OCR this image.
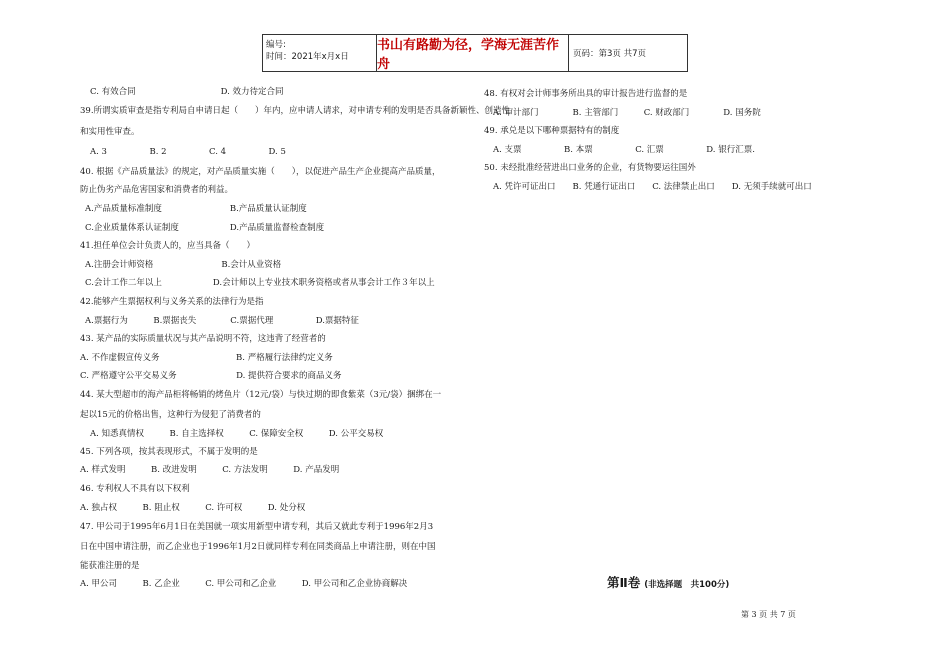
编号:
时间：2021年x月x日
书山有路勤为径，学海无涯苦作舟
页码：第3页 共7页
C. 有效合同　　　　　　　　　　D. 效力待定合同
39.所谓实质审查是指专利局自申请日起（　　）年内，应申请人请求，对申请专利的发明是否具备新颖性、创造性
和实用性审查。
A. 3　　　　　B. 2　　　　　C. 4　　　　　D. 5
40. 根据《产品质量法》的规定，对产品质量实施（　　），以促进产品生产企业提高产品质量，
防止伪劣产品危害国家和消费者的利益。
A.产品质量标准制度　　　　　　　　B.产品质量认证制度
C.企业质量体系认证制度　　　　　　D.产品质量监督检查制度
41.担任单位会计负责人的，应当具备（　　）
A.注册会计师资格　　　　　　　　B.会计从业资格
C.会计工作二年以上　　　　　　D.会计师以上专业技术职务资格或者从事会计工作３年以上
42.能够产生票据权利与义务关系的法律行为是指
A.票据行为　　　B.票据丧失　　　　C.票据代理　　　　　D.票据特征
43. 某产品的实际质量状况与其产品说明不符，这违背了经营者的
A. 不作虚假宣传义务　　　　　　　　　B. 严格履行法律约定义务
C. 严格遵守公平交易义务　　　　　　　D. 提供符合要求的商品义务
44. 某大型超市的海产品柜将畅销的烤鱼片（12元/袋）与快过期的即食紫菜（3元/袋）捆绑在一
起以15元的价格出售，这种行为侵犯了消费者的
A. 知悉真情权　　　B. 自主选择权　　　C. 保障安全权　　　D. 公平交易权
45. 下列各项，按其表现形式，不属于发明的是
A. 样式发明　　　B. 改进发明　　　C. 方法发明　　　D. 产品发明
46. 专利权人不具有以下权利
A. 独占权　　　B. 阻止权　　　C. 许可权　　　D. 处分权
47. 甲公司于1995年6月1日在美国就一项实用新型申请专利，其后又就此专利于1996年2月3
日在中国申请注册，而乙企业也于1996年1月2日就同样专利在同类商品上申请注册，则在中国
能获准注册的是
A. 甲公司　　　B. 乙企业　　　C. 甲公司和乙企业　　　D. 甲公司和乙企业协商解决
48. 有权对会计师事务所出具的审计报告进行监督的是
A. 审计部门　　　　B. 主管部门　　　C. 财政部门　　　　D. 国务院
49. 承兑是以下哪种票据特有的制度
A. 支票　　　　　B. 本票　　　　　C. 汇票　　　　　D. 银行汇票.
50. 未经批准经营进出口业务的企业，有货物要运往国外
A. 凭许可证出口　　B. 凭通行证出口　　C. 法律禁止出口　　D. 无须手续就可出口
第Ⅱ卷 (非选择题　共100分)
第 3 页 共 7 页
